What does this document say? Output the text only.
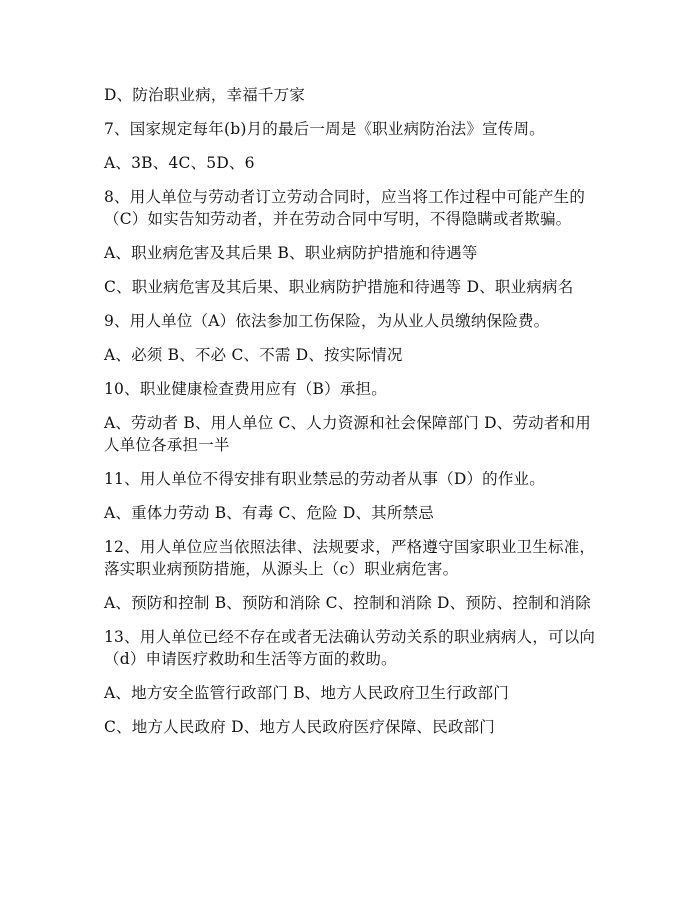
D、防治职业病，幸福千万家

7、国家规定每年(b)月的最后一周是《职业病防治法》宣传周。

A、3B、4C、5D、6

8、用人单位与劳动者订立劳动合同时，应当将工作过程中可能产生的（C）如实告知劳动者，并在劳动合同中写明，不得隐瞒或者欺骗。

A、职业病危害及其后果 B、职业病防护措施和待遇等

C、职业病危害及其后果、职业病防护措施和待遇等 D、职业病病名

9、用人单位（A）依法参加工伤保险，为从业人员缴纳保险费。

A、必须 B、不必 C、不需 D、按实际情况

10、职业健康检查费用应有（B）承担。

A、劳动者 B、用人单位 C、人力资源和社会保障部门 D、劳动者和用人单位各承担一半

11、用人单位不得安排有职业禁忌的劳动者从事（D）的作业。

A、重体力劳动 B、有毒 C、危险 D、其所禁忌

12、用人单位应当依照法律、法规要求，严格遵守国家职业卫生标准，落实职业病预防措施，从源头上（c）职业病危害。

A、预防和控制 B、预防和消除 C、控制和消除 D、预防、控制和消除

13、用人单位已经不存在或者无法确认劳动关系的职业病病人，可以向（d）申请医疗救助和生活等方面的救助。

A、地方安全监管行政部门 B、地方人民政府卫生行政部门

C、地方人民政府 D、地方人民政府医疗保障、民政部门
